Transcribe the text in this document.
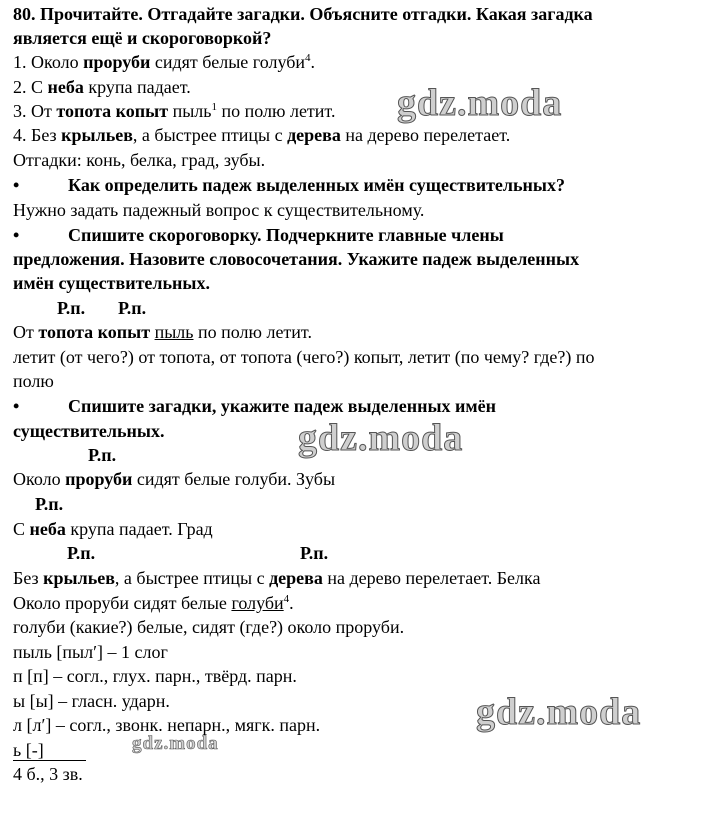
80. Прочитайте. Отгадайте загадки. Объясните отгадки. Какая загадка
является ещё и скороговоркой?
1. Около проруби сидят белые голуби$^4$.
2. С неба крупа падает.
3. От топота копыт пыль$^1$ по полю летит.
4. Без крыльев, а быстрее птицы с дерева на дерево перелетает.
Отгадки: конь, белка, град, зубы.
•	Как определить падеж выделенных имён существительных?
Нужно задать падежный вопрос к существительному.
•	Спишите скороговорку. Подчеркните главные члены
предложения. Назовите словосочетания. Укажите падеж выделенных
имён существительных.
Р.п. Р.п.
От топота копыт пыль по полю летит.
летит (от чего?) от топота, от топота (чего?) копыт, летит (по чему? где?) по
полю
•	Спишите загадки, укажите падеж выделенных имён
существительных.
Р.п.
Около проруби сидят белые голуби. Зубы
Р.п.
С неба крупа падает. Град
Р.п.	Р.п.
Без крыльев, а быстрее птицы с дерева на дерево перелетает. Белка
Около проруби сидят белые голуби$^4$.
голуби (какие?) белые, сидят (где?) около проруби.
пыль [пыл′] – 1 слог
п [п] – согл., глух. парн., твёрд. парн.
ы [ы] – гласн. ударн.
л [л′] – согл., звонк. непарн., мягк. парн.
ь [-]
4 б., 3 зв.
gdz.moda
gdz.moda
gdz.moda
gdz.moda
